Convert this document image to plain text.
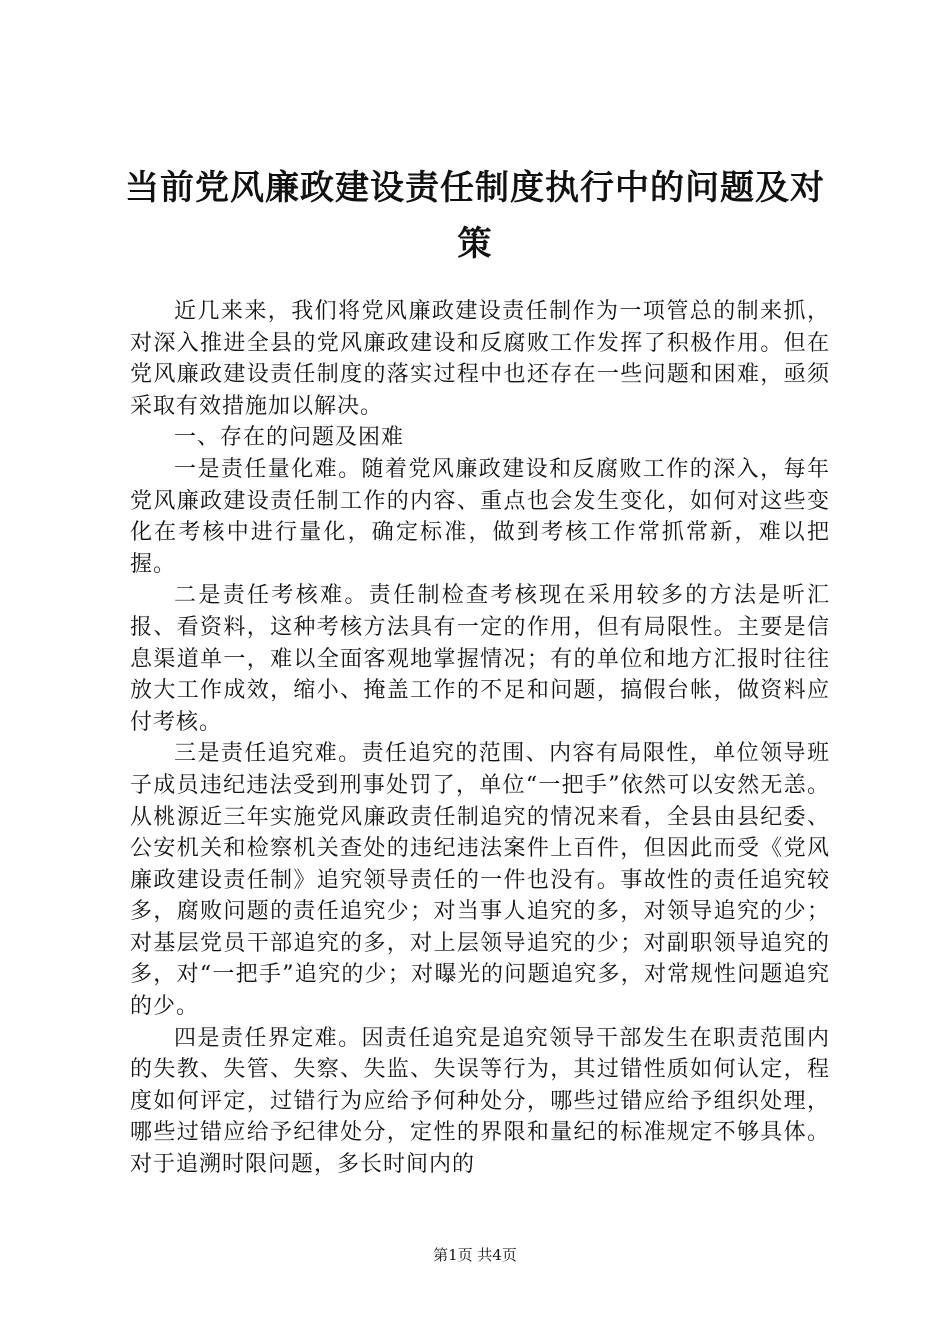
当前党风廉政建设责任制度执行中的问题及对策

近几来来，我们将党风廉政建设责任制作为一项管总的制来抓，对深入推进全县的党风廉政建设和反腐败工作发挥了积极作用。但在党风廉政建设责任制度的落实过程中也还存在一些问题和困难，亟须采取有效措施加以解决。

一、存在的问题及困难

一是责任量化难。随着党风廉政建设和反腐败工作的深入，每年党风廉政建设责任制工作的内容、重点也会发生变化，如何对这些变化在考核中进行量化，确定标准，做到考核工作常抓常新，难以把握。

二是责任考核难。责任制检查考核现在采用较多的方法是听汇报、看资料，这种考核方法具有一定的作用，但有局限性。主要是信息渠道单一，难以全面客观地掌握情况；有的单位和地方汇报时往往放大工作成效，缩小、掩盖工作的不足和问题，搞假台帐，做资料应付考核。

三是责任追究难。责任追究的范围、内容有局限性，单位领导班子成员违纪违法受到刑事处罚了，单位“一把手”依然可以安然无恙。从桃源近三年实施党风廉政责任制追究的情况来看，全县由县纪委、公安机关和检察机关查处的违纪违法案件上百件，但因此而受《党风廉政建设责任制》追究领导责任的一件也没有。事故性的责任追究较多，腐败问题的责任追究少；对当事人追究的多，对领导追究的少；对基层党员干部追究的多，对上层领导追究的少；对副职领导追究的多，对“一把手”追究的少；对曝光的问题追究多，对常规性问题追究的少。

四是责任界定难。因责任追究是追究领导干部发生在职责范围内的失教、失管、失察、失监、失误等行为，其过错性质如何认定，程度如何评定，过错行为应给予何种处分，哪些过错应给予组织处理，哪些过错应给予纪律处分，定性的界限和量纪的标准规定不够具体。对于追溯时限问题，多长时间内的

第1页 共4页
